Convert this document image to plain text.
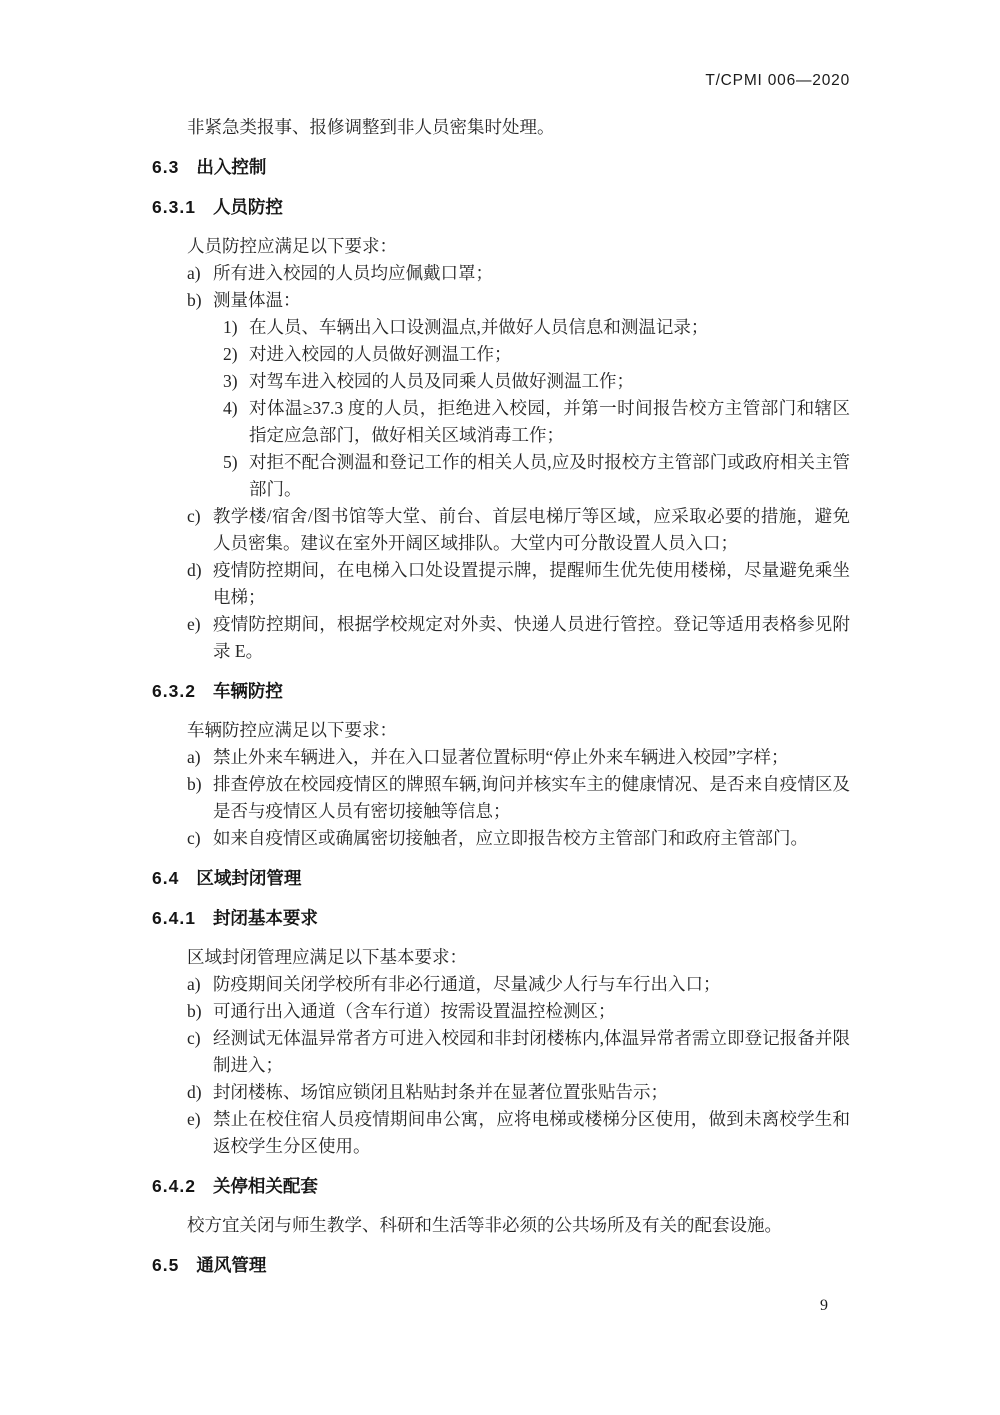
T/CPMI 006—2020

非紧急类报事、报修调整到非人员密集时处理。

6.3 出入控制
6.3.1 人员防控

人员防控应满足以下要求：

a) 所有进入校园的人员均应佩戴口罩；
b) 测量体温：
1) 在人员、车辆出入口设测温点,并做好人员信息和测温记录；
2) 对进入校园的人员做好测温工作；
3) 对驾车进入校园的人员及同乘人员做好测温工作；
4) 对体温≥37.3 度的人员，拒绝进入校园，并第一时间报告校方主管部门和辖区指定应急部门，做好相关区域消毒工作；
5) 对拒不配合测温和登记工作的相关人员,应及时报校方主管部门或政府相关主管部门。
c) 教学楼/宿舍/图书馆等大堂、前台、首层电梯厅等区域，应采取必要的措施，避免人员密集。建议在室外开阔区域排队。大堂内可分散设置人员入口；
d) 疫情防控期间，在电梯入口处设置提示牌，提醒师生优先使用楼梯，尽量避免乘坐电梯；
e) 疫情防控期间，根据学校规定对外卖、快递人员进行管控。登记等适用表格参见附录 E。
6.3.2 车辆防控

车辆防控应满足以下要求：

a) 禁止外来车辆进入，并在入口显著位置标明“停止外来车辆进入校园”字样；
b) 排查停放在校园疫情区的牌照车辆,询问并核实车主的健康情况、是否来自疫情区及是否与疫情区人员有密切接触等信息；
c) 如来自疫情区或确属密切接触者，应立即报告校方主管部门和政府主管部门。
6.4 区域封闭管理
6.4.1 封闭基本要求

区域封闭管理应满足以下基本要求：

a) 防疫期间关闭学校所有非必行通道，尽量减少人行与车行出入口；
b) 可通行出入通道（含车行道）按需设置温控检测区；
c) 经测试无体温异常者方可进入校园和非封闭楼栋内,体温异常者需立即登记报备并限制进入；
d) 封闭楼栋、场馆应锁闭且粘贴封条并在显著位置张贴告示；
e) 禁止在校住宿人员疫情期间串公寓，应将电梯或楼梯分区使用，做到未离校学生和返校学生分区使用。
6.4.2 关停相关配套

校方宜关闭与师生教学、科研和生活等非必须的公共场所及有关的配套设施。

6.5 通风管理
9
